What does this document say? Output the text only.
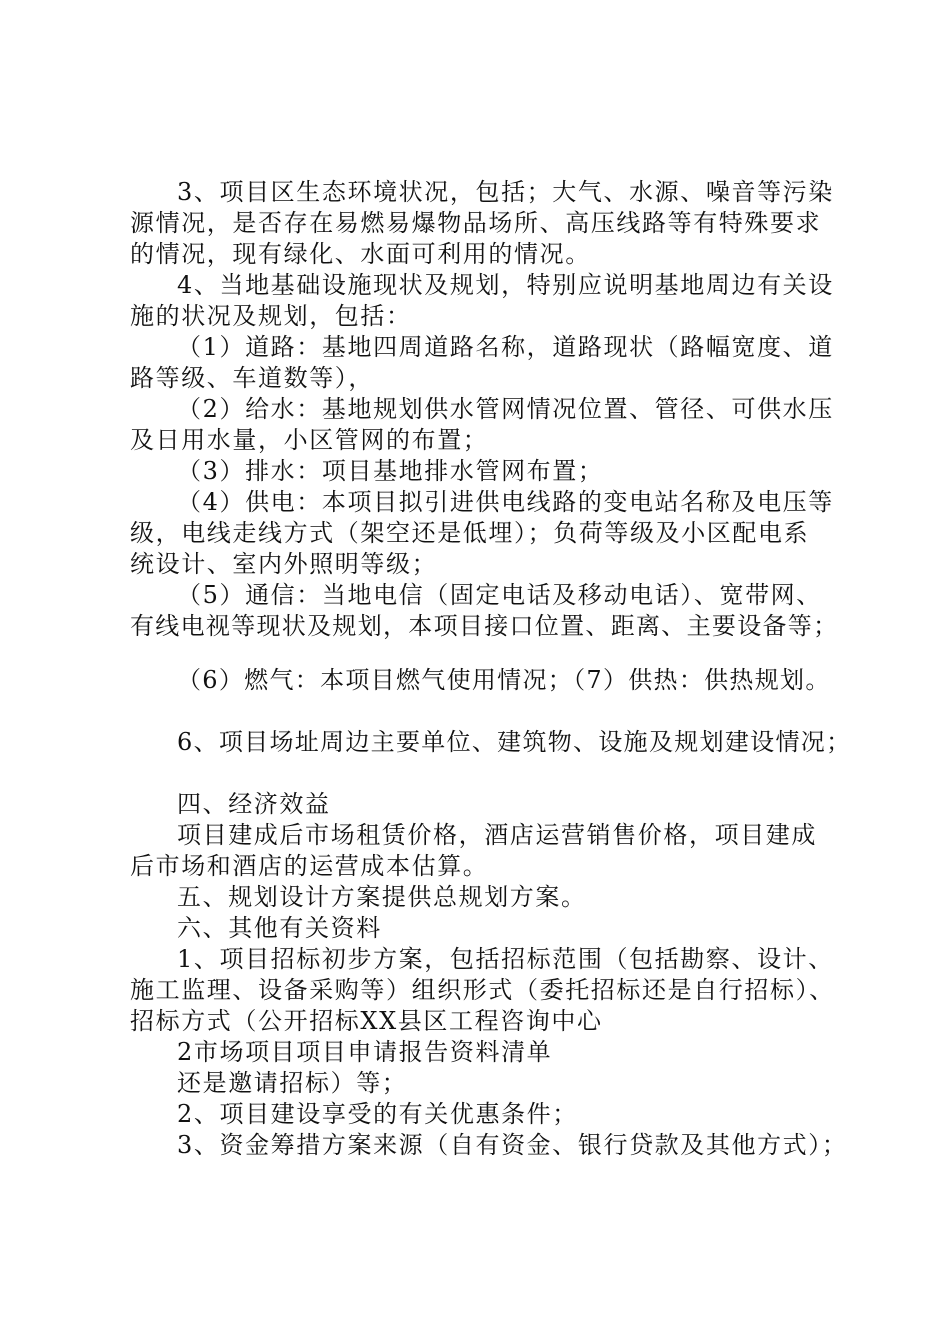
3、项目区生态环境状况，包括；大气、水源、噪音等污染
源情况，是否存在易燃易爆物品场所、高压线路等有特殊要求
的情况，现有绿化、水面可利用的情况。
4、当地基础设施现状及规划，特别应说明基地周边有关设
施的状况及规划，包括：
（1）道路：基地四周道路名称，道路现状（路幅宽度、道
路等级、车道数等），
（2）给水：基地规划供水管网情况位置、管径、可供水压
及日用水量，小区管网的布置；
（3）排水：项目基地排水管网布置；
（4）供电：本项目拟引进供电线路的变电站名称及电压等
级，电线走线方式（架空还是低埋）；负荷等级及小区配电系
统设计、室内外照明等级；
（5）通信：当地电信（固定电话及移动电话）、宽带网、
有线电视等现状及规划，本项目接口位置、距离、主要设备等；
（6）燃气：本项目燃气使用情况；（7）供热：供热规划。
6、项目场址周边主要单位、建筑物、设施及规划建设情况；
四、经济效益
项目建成后市场租赁价格，酒店运营销售价格，项目建成
后市场和酒店的运营成本估算。
五、规划设计方案提供总规划方案。
六、其他有关资料
1、项目招标初步方案，包括招标范围（包括勘察、设计、
施工监理、设备采购等）组织形式（委托招标还是自行招标）、
招标方式（公开招标XX县区工程咨询中心
2市场项目项目申请报告资料清单
还是邀请招标）等；
2、项目建设享受的有关优惠条件；
3、资金筹措方案来源（自有资金、银行贷款及其他方式）；
